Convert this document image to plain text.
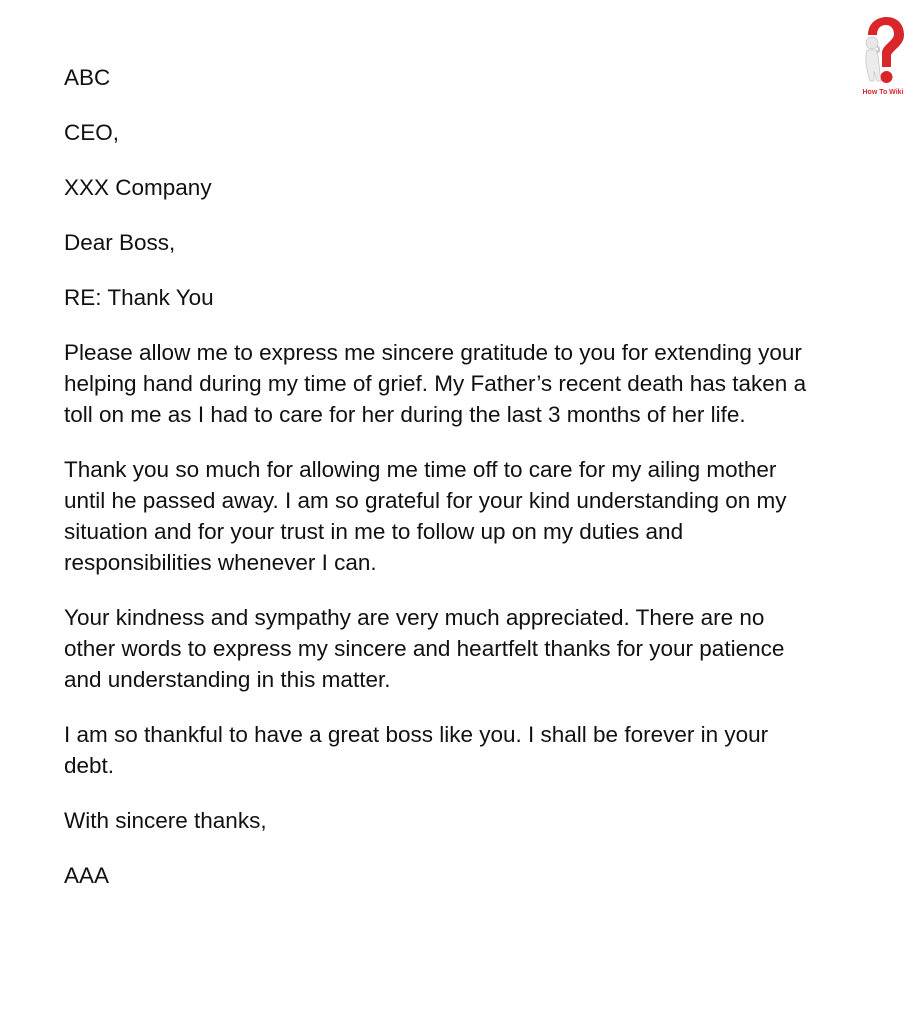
How To Wiki
ABC
CEO,
XXX Company
Dear Boss,
RE: Thank You
Please allow me to express me sincere gratitude to you for extending your
helping hand during my time of grief. My Father’s recent death has taken a
toll on me as I had to care for her during the last 3 months of her life.
Thank you so much for allowing me time off to care for my ailing mother
until he passed away. I am so grateful for your kind understanding on my
situation and for your trust in me to follow up on my duties and
responsibilities whenever I can.
Your kindness and sympathy are very much appreciated. There are no
other words to express my sincere and heartfelt thanks for your patience
and understanding in this matter.
I am so thankful to have a great boss like you. I shall be forever in your
debt.
With sincere thanks,
AAA
